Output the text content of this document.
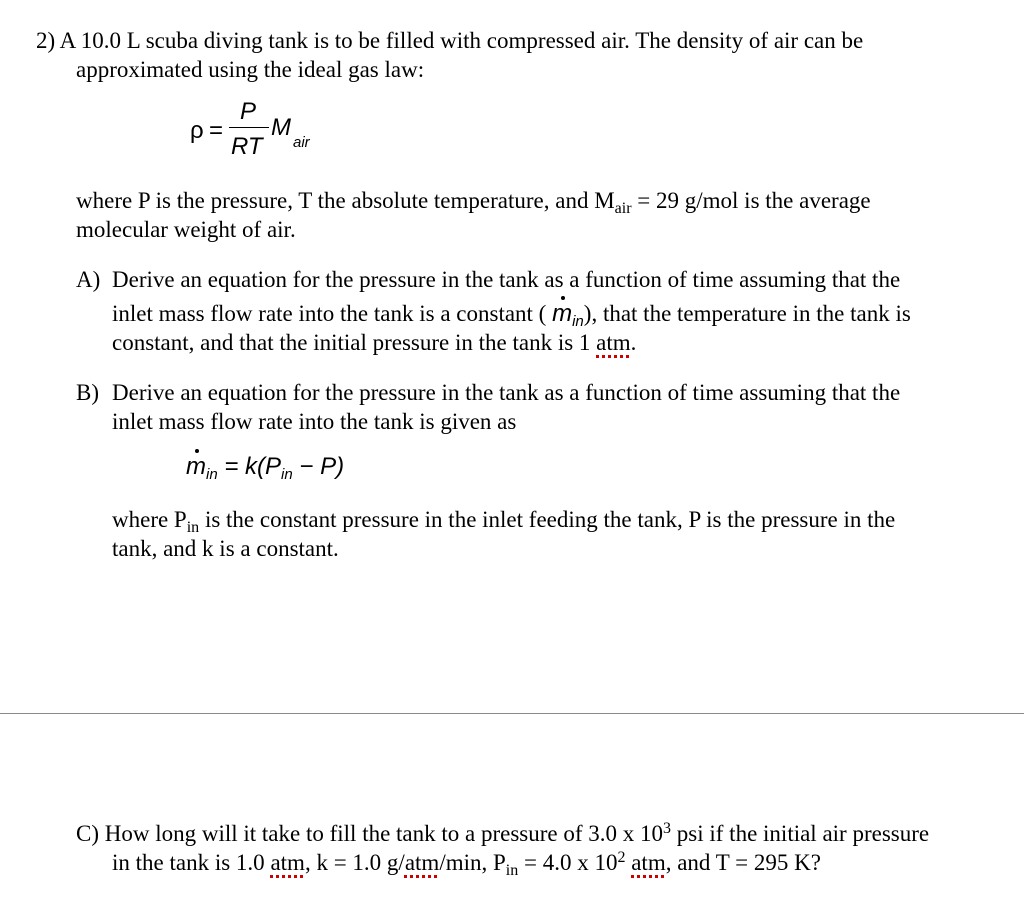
2) A 10.0 L scuba diving tank is to be filled with compressed air. The density of air can be
approximated using the ideal gas law:
ρ =
P
RT
M
air
where P is the pressure, T the absolute temperature, and $M_{air} = 29$ g/mol is the average
molecular weight of air.
A) Derive an equation for the pressure in the tank as a function of time assuming that the
inlet mass flow rate into the tank is a constant ( $m_{in}$), that the temperature in the tank is
constant, and that the initial pressure in the tank is 1 atm.
B) Derive an equation for the pressure in the tank as a function of time assuming that the
inlet mass flow rate into the tank is given as
$m_{in} = k(P_{in} - P)$
where $P_{in}$ is the constant pressure in the inlet feeding the tank, P is the pressure in the
tank, and k is a constant.
C) How long will it take to fill the tank to a pressure of 3.0 x $10^3$ psi if the initial air pressure
in the tank is 1.0 atm, k = 1.0 g/atm/min, $P_{in} = 4.0$ x $10^2$ atm, and T = 295 K?
